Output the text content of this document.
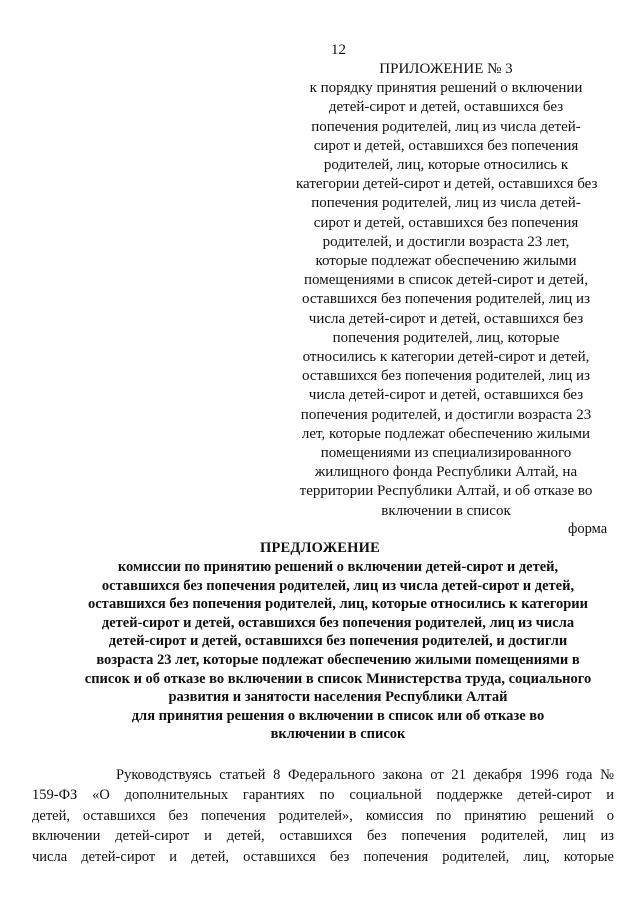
12
ПРИЛОЖЕНИЕ № 3
к порядку принятия решений о включении
детей-сирот и детей, оставшихся без
попечения родителей, лиц из числа детей-
сирот и детей, оставшихся без попечения
родителей, лиц, которые относились к
категории детей-сирот и детей, оставшихся без
попечения родителей, лиц из числа детей-
сирот и детей, оставшихся без попечения
родителей, и достигли возраста 23 лет,
которые подлежат обеспечению жилыми
помещениями в список детей-сирот и детей,
оставшихся без попечения родителей, лиц из
числа детей-сирот и детей, оставшихся без
попечения родителей, лиц, которые
относились к категории детей-сирот и детей,
оставшихся без попечения родителей, лиц из
числа детей-сирот и детей, оставшихся без
попечения родителей, и достигли возраста 23
лет, которые подлежат обеспечению жилыми
помещениями из специализированного
жилищного фонда Республики Алтай, на
территории Республики Алтай, и об отказе во
включении в список
форма
ПРЕДЛОЖЕНИЕ
комиссии по принятию решений о включении детей-сирот и детей,
оставшихся без попечения родителей, лиц из числа детей-сирот и детей,
оставшихся без попечения родителей, лиц, которые относились к категории
детей-сирот и детей, оставшихся без попечения родителей, лиц из числа
детей-сирот и детей, оставшихся без попечения родителей, и достигли
возраста 23 лет, которые подлежат обеспечению жилыми помещениями в
список и об отказе во включении в список Министерства труда, социального
развития и занятости населения Республики Алтай
для принятия решения о включении в список или об отказе во
включении в список
Руководствуясь статьей 8 Федерального закона от 21 декабря 1996 года №
159-ФЗ «О дополнительных гарантиях по социальной поддержке детей-сирот и
детей, оставшихся без попечения родителей», комиссия по принятию решений о
включении детей-сирот и детей, оставшихся без попечения родителей, лиц из
числа детей-сирот и детей, оставшихся без попечения родителей, лиц, которые
